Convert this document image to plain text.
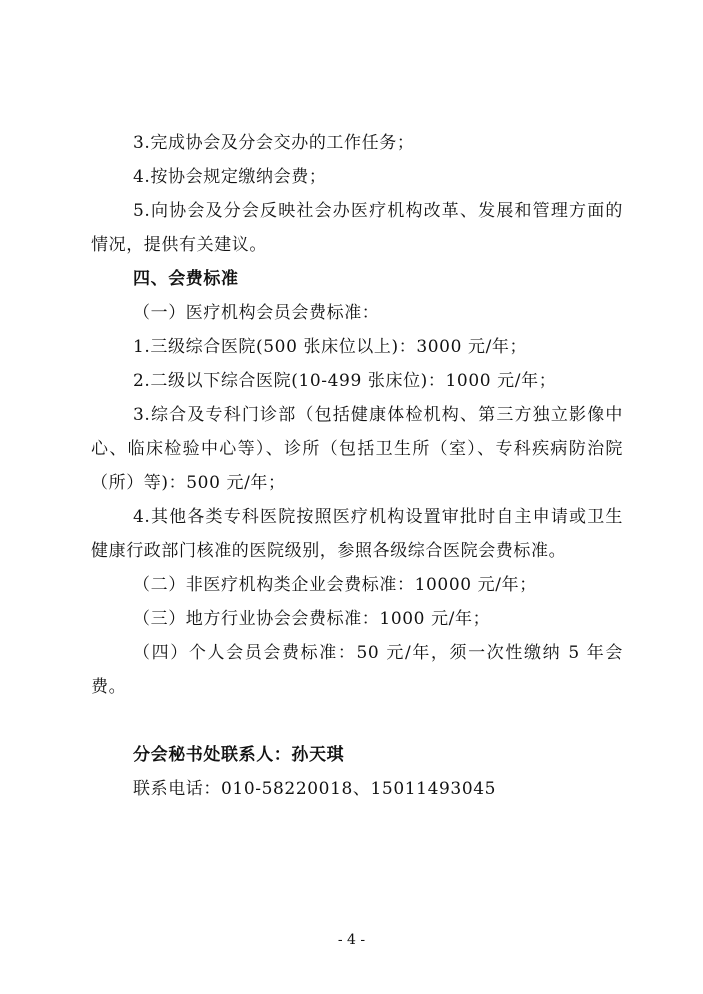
3.完成协会及分会交办的工作任务；

4.按协会规定缴纳会费；

5.向协会及分会反映社会办医疗机构改革、发展和管理方面的情况，提供有关建议。

四、会费标准

（一）医疗机构会员会费标准：

1.三级综合医院(500 张床位以上)：3000 元/年；

2.二级以下综合医院(10-499 张床位)：1000 元/年；

3.综合及专科门诊部（包括健康体检机构、第三方独立影像中心、临床检验中心等）、诊所（包括卫生所（室）、专科疾病防治院（所）等)：500 元/年；

4.其他各类专科医院按照医疗机构设置审批时自主申请或卫生健康行政部门核准的医院级别，参照各级综合医院会费标准。

（二）非医疗机构类企业会费标准：10000 元/年；

（三）地方行业协会会费标准：1000 元/年；

（四）个人会员会费标准：50 元/年，须一次性缴纳 5 年会费。

分会秘书处联系人：孙天琪

联系电话：010-58220018、15011493045

- 4 -
